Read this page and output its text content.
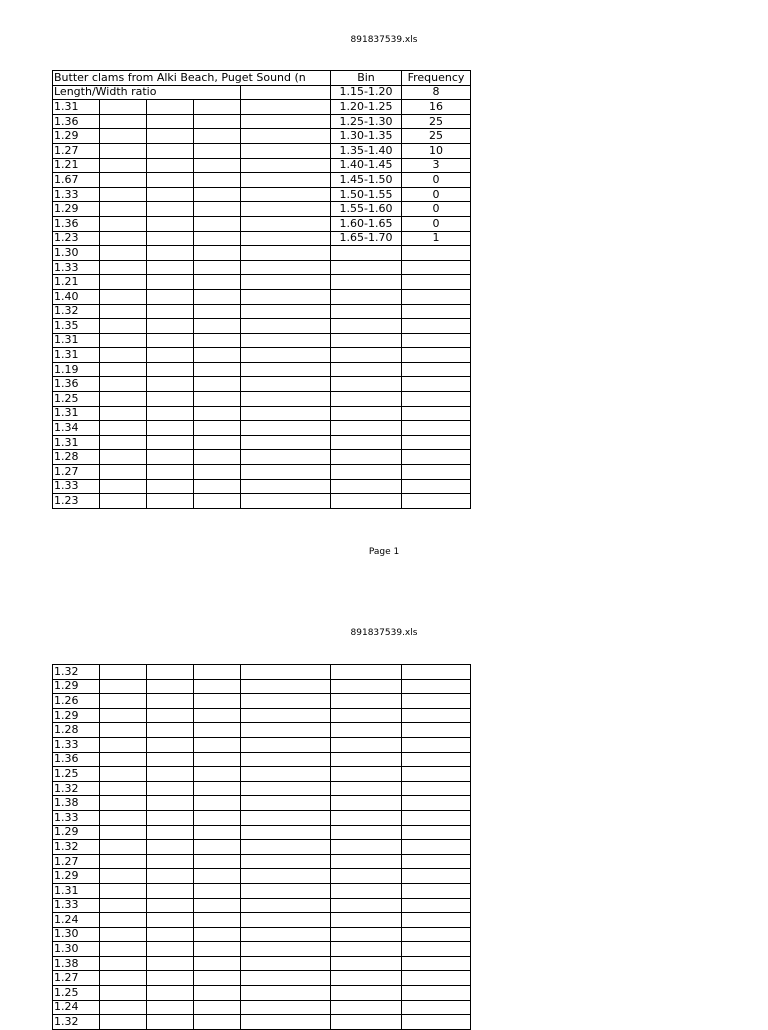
891837539.xls
Butter clams from Alki Beach, Puget Sound (n					Bin	Frequency
Length/Width ratio					1.15-1.20	8
1.31					1.20-1.25	16
1.36					1.25-1.30	25
1.29					1.30-1.35	25
1.27					1.35-1.40	10
1.21					1.40-1.45	3
1.67					1.45-1.50	0
1.33					1.50-1.55	0
1.29					1.55-1.60	0
1.36					1.60-1.65	0
1.23					1.65-1.70	1
1.30						
1.33						
1.21						
1.40						
1.32						
1.35						
1.31						
1.31						
1.19						
1.36						
1.25						
1.31						
1.34						
1.31						
1.28						
1.27						
1.33						
1.23						
Page 1
891837539.xls
1.32						
1.29						
1.26						
1.29						
1.28						
1.33						
1.36						
1.25						
1.32						
1.38						
1.33						
1.29						
1.32						
1.27						
1.29						
1.31						
1.33						
1.24						
1.30						
1.30						
1.38						
1.27						
1.25						
1.24						
1.32						
